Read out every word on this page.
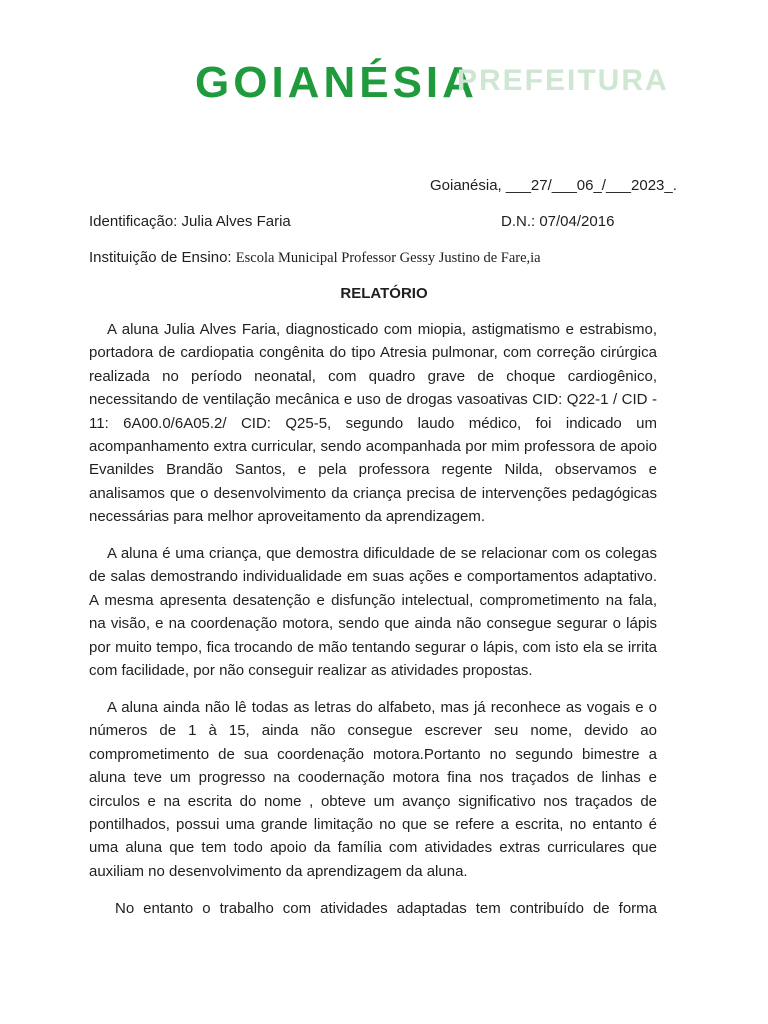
GOIANÉSIA
PREFEITURA
Goianésia, ___27/___06_/___2023_.
Identificação: Julia Alves Faria	D.N.: 07/04/2016
Instituição de Ensino: Escola Municipal Professor Gessy Justino de Fare,ia
RELATÓRIO
A aluna Julia Alves Faria, diagnosticado com miopia, astigmatismo e estrabismo, portadora de cardiopatia congênita do tipo Atresia pulmonar, com correção cirúrgica realizada no período neonatal, com quadro grave de choque cardiogênico, necessitando de ventilação mecânica e uso de drogas vasoativas CID: Q22-1 / CID - 11: 6A00.0/6A05.2/ CID: Q25-5, segundo laudo médico, foi indicado um acompanhamento extra curricular, sendo acompanhada por mim professora de apoio Evanildes Brandão Santos, e pela professora regente Nilda, observamos e analisamos que o desenvolvimento da criança precisa de intervenções pedagógicas necessárias para melhor aproveitamento da aprendizagem.
A aluna é uma criança, que demostra dificuldade de se relacionar com os colegas de salas demostrando individualidade em suas ações e comportamentos adaptativo. A mesma apresenta desatenção e disfunção intelectual, comprometimento na fala, na visão, e na coordenação motora, sendo que ainda não consegue segurar o lápis por muito tempo, fica trocando de mão tentando segurar o lápis, com isto ela se irrita com facilidade, por não conseguir realizar as atividades propostas.
A aluna ainda não lê todas as letras do alfabeto, mas já reconhece as vogais e o números de 1 à 15, ainda não consegue escrever seu nome, devido ao comprometimento de sua coordenação motora.Portanto no segundo bimestre a aluna teve um progresso na coodernação motora fina nos traçados de linhas e circulos e na escrita do nome , obteve um avanço significativo nos traçados de pontilhados, possui uma grande limitação no que se refere a escrita, no entanto é uma aluna que tem todo apoio da família com atividades extras curriculares que auxiliam no desenvolvimento da aprendizagem da aluna.
No entanto o trabalho com atividades adaptadas tem contribuído de forma
